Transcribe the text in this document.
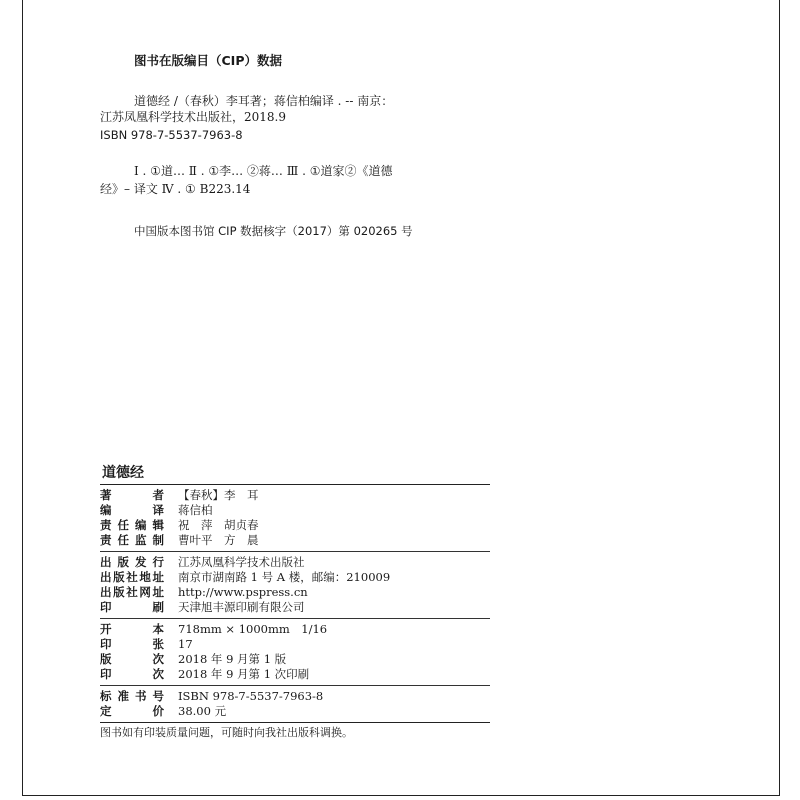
图书在版编目（CIP）数据
道德经 /（春秋）李耳著；蒋信柏编译 . -- 南京：
江苏凤凰科学技术出版社，2018.9
ISBN 978-7-5537-7963-8
Ⅰ . ①道… Ⅱ . ①李… ②蒋… Ⅲ . ①道家②《道德
经》– 译文 Ⅳ . ① B223.14
中国版本图书馆 CIP 数据核字（2017）第 020265 号
道德经
著	者 【春秋】李　耳
编	译 蒋信柏
责 任 编 辑 祝　萍　胡贞春
责 任 监 制 曹叶平　方　晨
出 版 发 行 江苏凤凰科学技术出版社
出 版 社 地 址 南京市湖南路 1 号 A 楼，邮编：210009
出 版 社 网 址 http://www.pspress.cn
印	刷 天津旭丰源印刷有限公司
开	本 718mm × 1000mm　1/16
印	张 17
版	次 2018 年 9 月第 1 版
印	次 2018 年 9 月第 1 次印刷
标 准 书 号 ISBN 978-7-5537-7963-8
定	价 38.00 元
图书如有印装质量问题，可随时向我社出版科调换。
